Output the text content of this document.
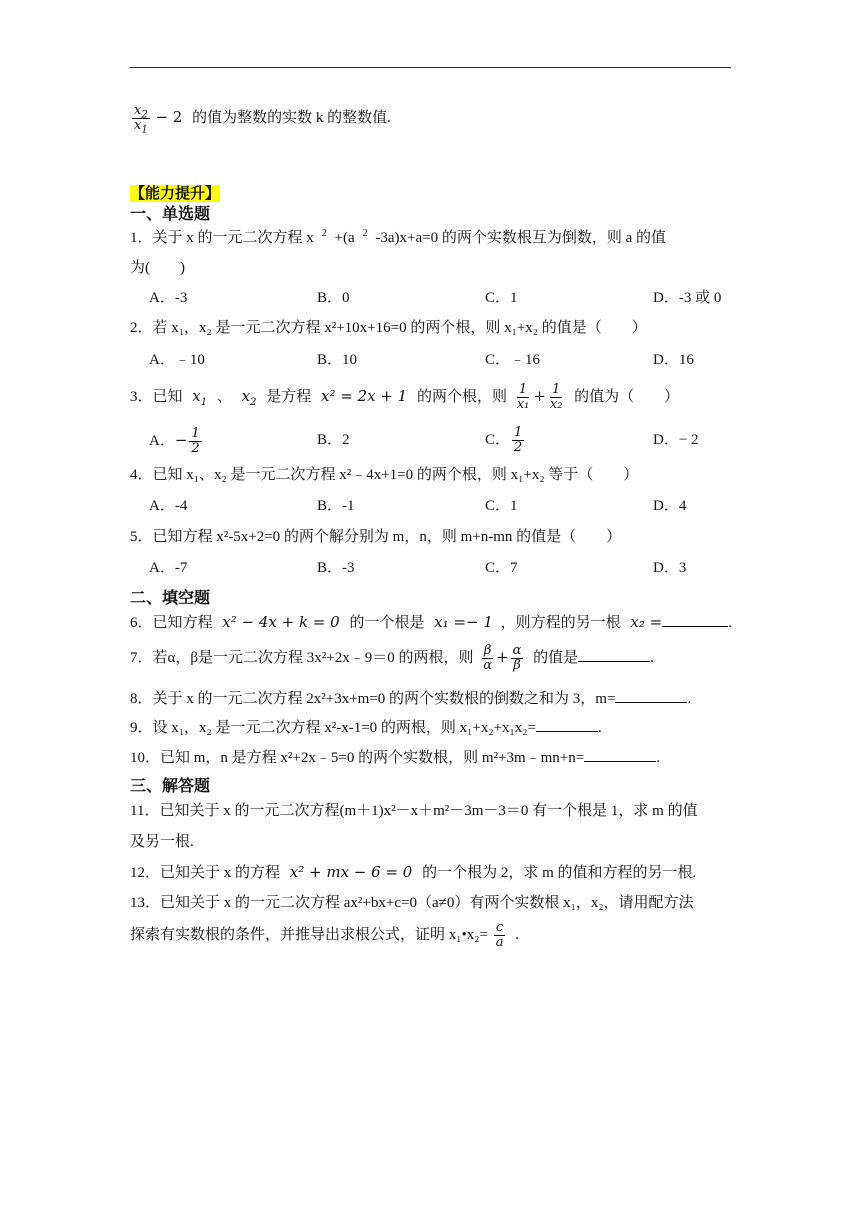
$\frac{x_2}{x_1} - 2$ 的值为整数的实数 k 的整数值.
【能力提升】
一、单选题
1．关于 x 的一元二次方程 x $^2$ +(a $^2$ -3a)x+a=0 的两个实数根互为倒数，则 a 的值
为(　　)
A．-3	B．0	C．1	D．-3 或 0
2．若 x₁，x₂ 是一元二次方程 x²+10x+16=0 的两个根，则 x₁+x₂ 的值是（　　）
A．﹣10	B．10	C．﹣16	D．16
3．已知 $x_1$ 、 $x_2$ 是方程 x² = 2x + 1 的两个根，则 $\frac{1}{\text{x₁}} + \frac{1}{\text{x₂}}$ 的值为（　　）
A．− $\frac{1}{2}$	B．2	C． $\frac{1}{2}$	D．− 2
4．已知 x₁、x₂ 是一元二次方程 x²﹣4x+1=0 的两个根，则 x₁+x₂ 等于（　　）
A．-4	B．-1	C．1	D．4
5．已知方程 x²-5x+2=0 的两个解分别为 m，n，则 m+n-mn 的值是（　　）
A．-7	B．-3	C．7	D．3
二、填空题
6．已知方程 x² − 4x + k = 0 的一个根是 x₁ =− 1 ，则方程的另一根 x₂ =	.
7．若α，β是一元二次方程 3x²+2x﹣9＝0 的两根，则 $\frac{\beta}{\alpha} + \frac{\alpha}{\beta}$ 的值是	.
8．关于 x 的一元二次方程 2x²+3x+m=0 的两个实数根的倒数之和为 3，m=	.
9．设 x₁，x₂ 是一元二次方程 x²-x-1=0 的两根，则 x₁+x₂+x₁x₂=	.
10．已知 m，n 是方程 x²+2x﹣5=0 的两个实数根，则 m²+3m﹣mn+n=	.
三、解答题
11．已知关于 x 的一元二次方程(m＋1)x²－x＋m²－3m－3＝0 有一个根是 1，求 m 的值
及另一根.
12．已知关于 x 的方程 x² + mx − 6 = 0 的一个根为 2，求 m 的值和方程的另一根.
13．已知关于 x 的一元二次方程 ax²+bx+c=0（a≠0）有两个实数根 x₁，x₂，请用配方法
探索有实数根的条件，并推导出求根公式，证明 x₁•x₂= $\frac{c}{a}$ .
